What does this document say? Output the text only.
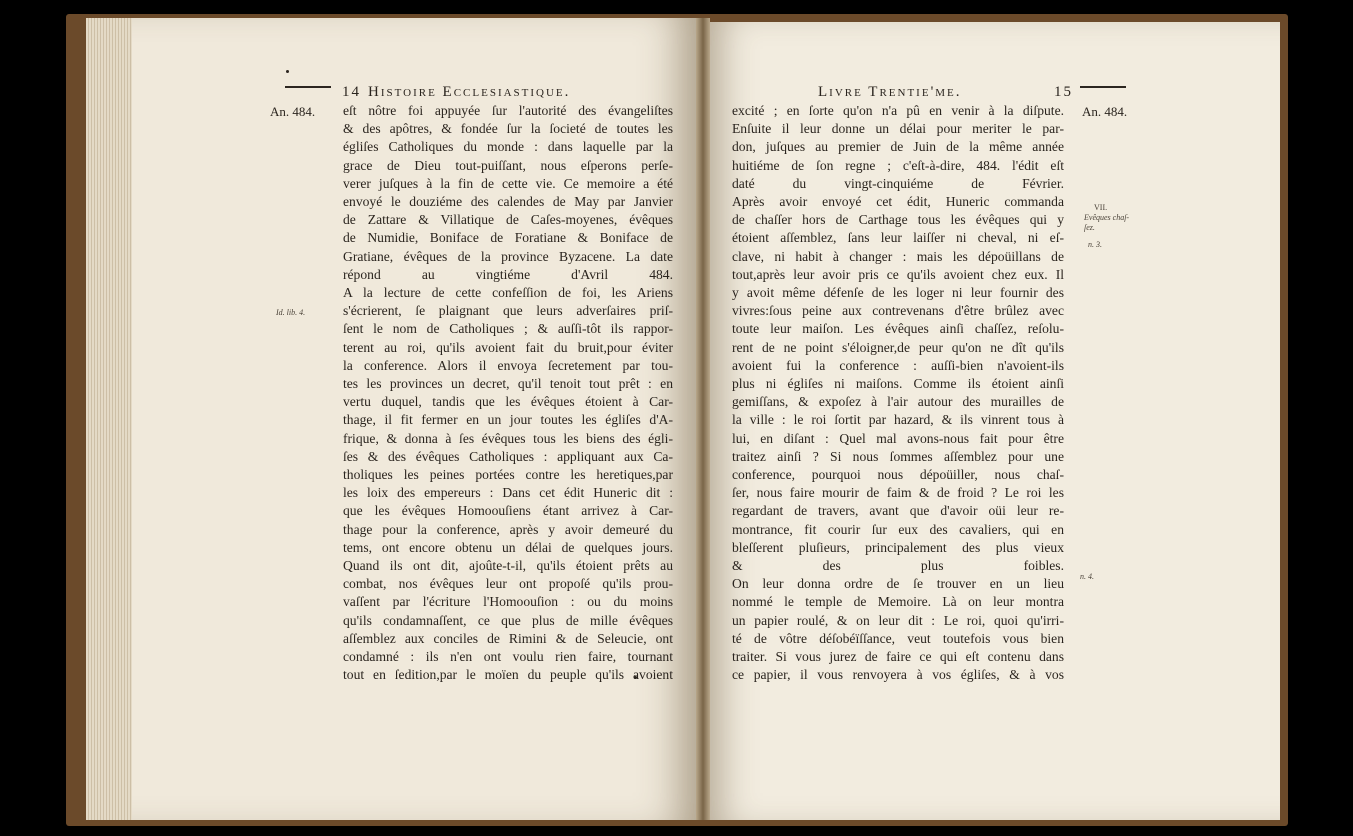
14 Histoire Ecclesiastique.
An. 484.
Id. lib. 4.

eſt nôtre foi appuyée ſur l'autorité des évangeliſtes

& des apôtres, & fondée ſur la ſocieté de toutes les

égliſes Catholiques du monde : dans laquelle par la

grace de Dieu tout-puiſſant, nous eſperons perſe-

verer juſques à la fin de cette vie. Ce memoire a été

envoyé le douziéme des calendes de May par Janvier

de Zattare & Villatique de Caſes-moyenes, évêques

de Numidie, Boniface de Foratiane & Boniface de

Gratiane, évêques de la province Byzacene. La date

répond au vingtiéme d'Avril 484.

A la lecture de cette confeſſion de foi, les Ariens

s'écrierent, ſe plaignant que leurs adverſaires priſ-

ſent le nom de Catholiques ; & auſſi-tôt ils rappor-

terent au roi, qu'ils avoient fait du bruit,pour éviter

la conference. Alors il envoya ſecretement par tou-

tes les provinces un decret, qu'il tenoit tout prêt : en

vertu duquel, tandis que les évêques étoient à Car-

thage, il fit fermer en un jour toutes les égliſes d'A-

frique, & donna à ſes évêques tous les biens des égli-

ſes & des évêques Catholiques : appliquant aux Ca-

tholiques les peines portées contre les heretiques,par

les loix des empereurs : Dans cet édit Huneric dit :

que les évêques Homoouſiens étant arrivez à Car-

thage pour la conference, après y avoir demeuré du

tems, ont encore obtenu un délai de quelques jours.

Quand ils ont dit, ajoûte-t-il, qu'ils étoient prêts au

combat, nos évêques leur ont propoſé qu'ils prou-

vaſſent par l'écriture l'Homoouſion : ou du moins

qu'ils condamnaſſent, ce que plus de mille évêques

aſſemblez aux conciles de Rimini & de Seleucie, ont

condamné : ils n'en ont voulu rien faire, tournant

tout en ſedition,par le moïen du peuple qu'ils avoient

Livre Trentie'me.	15
An. 484.
VII.
Evêques chaſ-ſez.
n. 3.
n. 4.

excité ; en ſorte qu'on n'a pû en venir à la diſpute.

Enſuite il leur donne un délai pour meriter le par-

don, juſques au premier de Juin de la même année

huitiéme de ſon regne ; c'eſt-à-dire, 484. l'édit eſt

daté du vingt-cinquiéme de Février.

Après avoir envoyé cet édit, Huneric commanda

de chaſſer hors de Carthage tous les évêques qui y

étoient aſſemblez, ſans leur laiſſer ni cheval, ni eſ-

clave, ni habit à changer : mais les dépoüillans de

tout,après leur avoir pris ce qu'ils avoient chez eux. Il

y avoit même défenſe de les loger ni leur fournir des

vivres:ſous peine aux contrevenans d'être brûlez avec

toute leur maiſon. Les évêques ainſi chaſſez, reſolu-

rent de ne point s'éloigner,de peur qu'on ne dît qu'ils

avoient fui la conference : auſſi-bien n'avoient-ils

plus ni égliſes ni maiſons. Comme ils étoient ainſi

gemiſſans, & expoſez à l'air autour des murailles de

la ville : le roi ſortit par hazard, & ils vinrent tous à

lui, en diſant : Quel mal avons-nous fait pour être

traitez ainſi ? Si nous ſommes aſſemblez pour une

conference, pourquoi nous dépoüiller, nous chaſ-

ſer, nous faire mourir de faim & de froid ? Le roi les

regardant de travers, avant que d'avoir oüi leur re-

montrance, fit courir ſur eux des cavaliers, qui en

bleſſerent pluſieurs, principalement des plus vieux

& des plus foibles.

On leur donna ordre de ſe trouver en un lieu

nommé le temple de Memoire. Là on leur montra

un papier roulé, & on leur dit : Le roi, quoi qu'irri-

té de vôtre déſobéïſſance, veut toutefois vous bien

traiter. Si vous jurez de faire ce qui eſt contenu dans

ce papier, il vous renvoyera à vos égliſes, & à vos
